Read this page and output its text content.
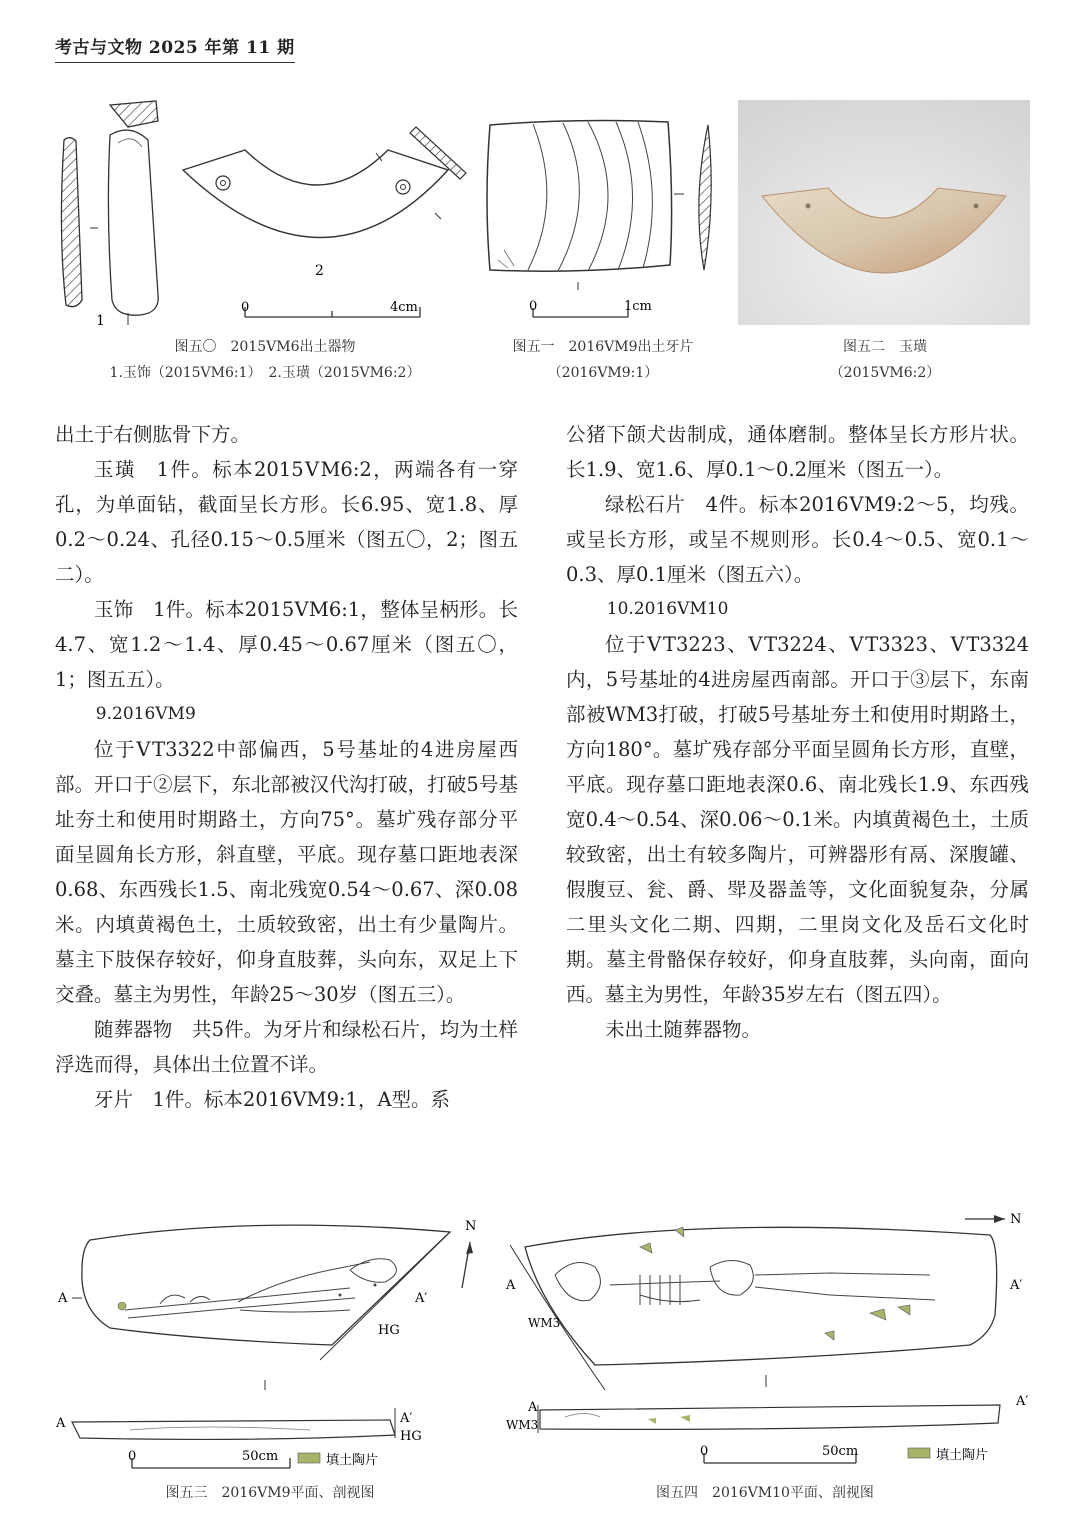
考古与文物 2025 年第 11 期
1
2
0	4cm
图五〇　2015ⅤM6出土器物
1.玉饰（2015ⅤM6:1）　2.玉璜（2015ⅤM6:2）
0	1cm
图五一　2016ⅤM9出土牙片
（2016ⅤM9:1）
图五二　玉璜
（2015ⅤM6:2）

出土于右侧肱骨下方。

玉璜　1件。标本2015ⅤM6:2，两端各有一穿孔，为单面钻，截面呈长方形。长6.95、宽1.8、厚0.2～0.24、孔径0.15～0.5厘米（图五〇，2；图五二）。

玉饰　1件。标本2015ⅤM6:1，整体呈柄形。长4.7、宽1.2～1.4、厚0.45～0.67厘米（图五〇，1；图五五）。

9.2016ⅤM9

位于ⅤT3322中部偏西，5号基址的4进房屋西部。开口于②层下，东北部被汉代沟打破，打破5号基址夯土和使用时期路土，方向75°。墓圹残存部分平面呈圆角长方形，斜直壁，平底。现存墓口距地表深0.68、东西残长1.5、南北残宽0.54～0.67、深0.08米。内填黄褐色土，土质较致密，出土有少量陶片。墓主下肢保存较好，仰身直肢葬，头向东，双足上下交叠。墓主为男性，年龄25～30岁（图五三）。

随葬器物　共5件。为牙片和绿松石片，均为土样浮选而得，具体出土位置不详。

牙片　1件。标本2016ⅤM9:1，A型。系

公猪下颌犬齿制成，通体磨制。整体呈长方形片状。长1.9、宽1.6、厚0.1～0.2厘米（图五一）。

绿松石片　4件。标本2016ⅤM9:2～5，均残。或呈长方形，或呈不规则形。长0.4～0.5、宽0.1～0.3、厚0.1厘米（图五六）。

10.2016ⅤM10

位于ⅤT3223、ⅤT3224、ⅤT3323、ⅤT3324内，5号基址的4进房屋西南部。开口于③层下，东南部被WM3打破，打破5号基址夯土和使用时期路土，方向180°。墓圹残存部分平面呈圆角长方形，直壁，平底。现存墓口距地表深0.6、南北残长1.9、东西残宽0.4～0.54、深0.06～0.1米。内填黄褐色土，土质较致密，出土有较多陶片，可辨器形有鬲、深腹罐、假腹豆、瓮、爵、斝及器盖等，文化面貌复杂，分属二里头文化二期、四期，二里岗文化及岳石文化时期。墓主骨骼保存较好，仰身直肢葬，头向南，面向西。墓主为男性，年龄35岁左右（图五四）。

未出土随葬器物。

N
A	A′
HG
A	A′
HG
0	50cm	填土陶片
图五三　2016ⅤM9平面、剖视图
N
A	A′
WM3
A
WM3
A′
0	50cm	填土陶片
图五四　2016ⅤM10平面、剖视图
